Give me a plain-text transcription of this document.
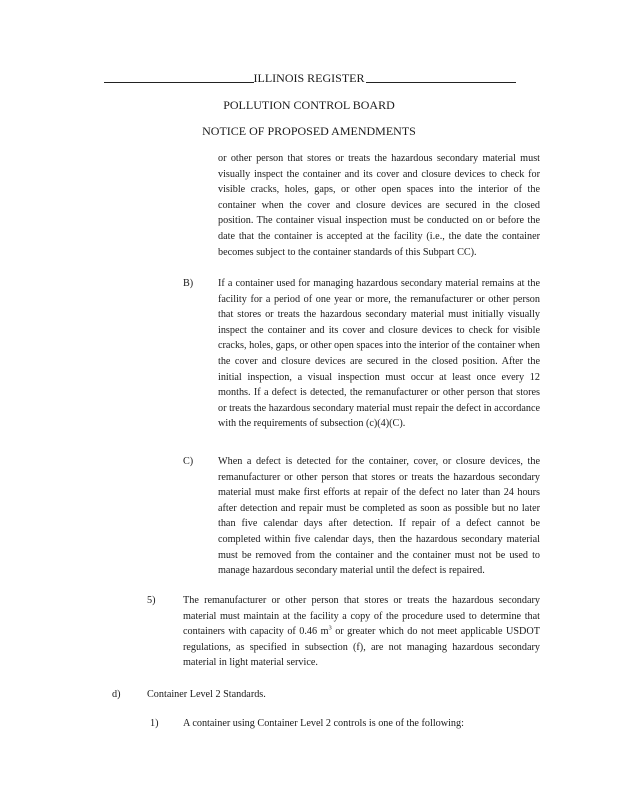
ILLINOIS REGISTER
POLLUTION CONTROL BOARD
NOTICE OF PROPOSED AMENDMENTS

or other person that stores or treats the hazardous secondary material must visually inspect the container and its cover and closure devices to check for visible cracks, holes, gaps, or other open spaces into the interior of the container when the cover and closure devices are secured in the closed position. The container visual inspection must be conducted on or before the date that the container is accepted at the facility (i.e., the date the container becomes subject to the container standards of this Subpart CC).

B) If a container used for managing hazardous secondary material remains at the facility for a period of one year or more, the remanufacturer or other person that stores or treats the hazardous secondary material must initially visually inspect the container and its cover and closure devices to check for visible cracks, holes, gaps, or other open spaces into the interior of the container when the cover and closure devices are secured in the closed position. After the initial inspection, a visual inspection must occur at least once every 12 months. If a defect is detected, the remanufacturer or other person that stores or treats the hazardous secondary material must repair the defect in accordance with the requirements of subsection (c)(4)(C).

C) When a defect is detected for the container, cover, or closure devices, the remanufacturer or other person that stores or treats the hazardous secondary material must make first efforts at repair of the defect no later than 24 hours after detection and repair must be completed as soon as possible but no later than five calendar days after detection. If repair of a defect cannot be completed within five calendar days, then the hazardous secondary material must be removed from the container and the container must not be used to manage hazardous secondary material until the defect is repaired.

5)	The remanufacturer or other person that stores or treats the hazardous secondary material must maintain at the facility a copy of the procedure used to determine that containers with capacity of 0.46 $m^3$ or greater which do not meet applicable USDOT regulations, as specified in subsection (f), are not managing hazardous secondary material in light material service.

d)	Container Level 2 Standards.
1) A container using Container Level 2 controls is one of the following:
